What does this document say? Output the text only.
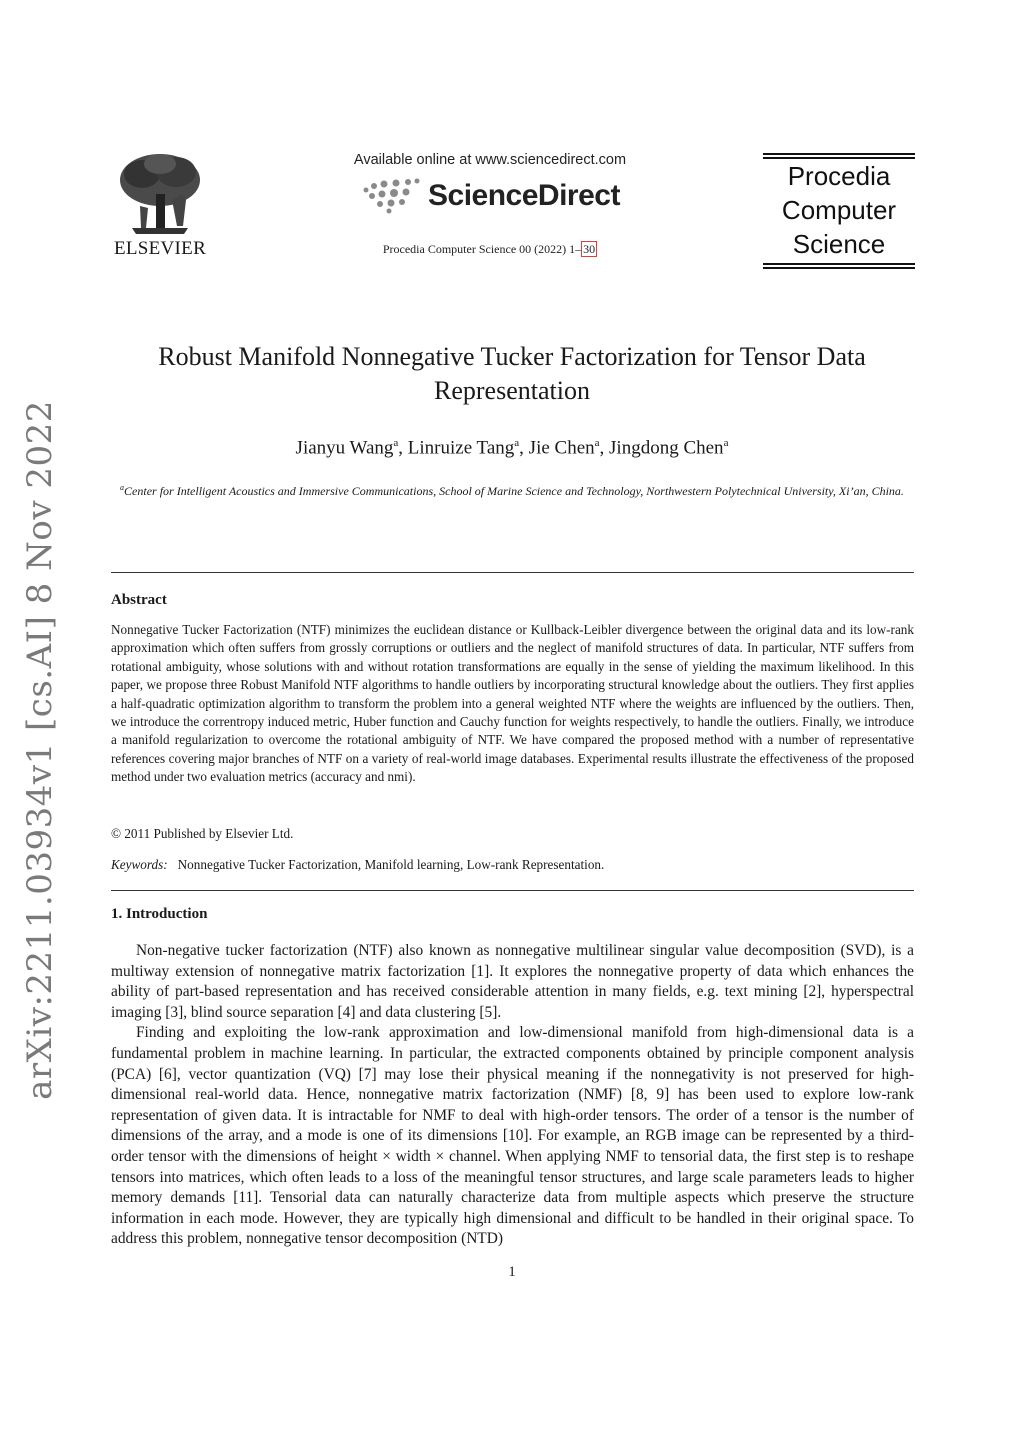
arXiv:2211.03934v1 [cs.AI] 8 Nov 2022
ELSEVIER
Available online at www.sciencedirect.com
ScienceDirect
Procedia Computer Science 00 (2022) 1– 30
Procedia
Computer
Science
Robust Manifold Nonnegative Tucker Factorization for Tensor Data
Representation
Jianyu Wang$^a$, Linruize Tang$^a$, Jie Chen$^a$, Jingdong Chen$^a$
$^a$Center for Intelligent Acoustics and Immersive Communications, School of Marine Science and Technology, Northwestern Polytechnical University, Xi’an, China.
Abstract
Nonnegative Tucker Factorization (NTF) minimizes the euclidean distance or Kullback-Leibler divergence between the original data and its low-rank approximation which often suffers from grossly corruptions or outliers and the neglect of manifold structures of data. In particular, NTF suffers from rotational ambiguity, whose solutions with and without rotation transformations are equally in the sense of yielding the maximum likelihood. In this paper, we propose three Robust Manifold NTF algorithms to handle outliers by incorporating structural knowledge about the outliers. They first applies a half-quadratic optimization algorithm to transform the problem into a general weighted NTF where the weights are influenced by the outliers. Then, we introduce the correntropy induced metric, Huber function and Cauchy function for weights respectively, to handle the outliers. Finally, we introduce a manifold regularization to overcome the rotational ambiguity of NTF. We have compared the proposed method with a number of representative references covering major branches of NTF on a variety of real-world image databases. Experimental results illustrate the effectiveness of the proposed method under two evaluation metrics (accuracy and nmi).
© 2011 Published by Elsevier Ltd.
Keywords: Nonnegative Tucker Factorization, Manifold learning, Low-rank Representation.
1. Introduction

Non-negative tucker factorization (NTF) also known as nonnegative multilinear singular value decomposition (SVD), is a multiway extension of nonnegative matrix factorization [1]. It explores the nonnegative property of data which enhances the ability of part-based representation and has received considerable attention in many fields, e.g. text mining [2], hyperspectral imaging [3], blind source separation [4] and data clustering [5].

Finding and exploiting the low-rank approximation and low-dimensional manifold from high-dimensional data is a fundamental problem in machine learning. In particular, the extracted components obtained by principle component analysis (PCA) [6], vector quantization (VQ) [7] may lose their physical meaning if the nonnegativity is not preserved for high-dimensional real-world data. Hence, nonnegative matrix factorization (NMF) [8, 9] has been used to explore low-rank representation of given data. It is intractable for NMF to deal with high-order tensors. The order of a tensor is the number of dimensions of the array, and a mode is one of its dimensions [10]. For example, an RGB image can be represented by a third-order tensor with the dimensions of height × width × channel. When applying NMF to tensorial data, the first step is to reshape tensors into matrices, which often leads to a loss of the meaningful tensor structures, and large scale parameters leads to higher memory demands [11]. Tensorial data can naturally characterize data from multiple aspects which preserve the structure information in each mode. However, they are typically high dimensional and difficult to be handled in their original space. To address this problem, nonnegative tensor decomposition (NTD)

1
